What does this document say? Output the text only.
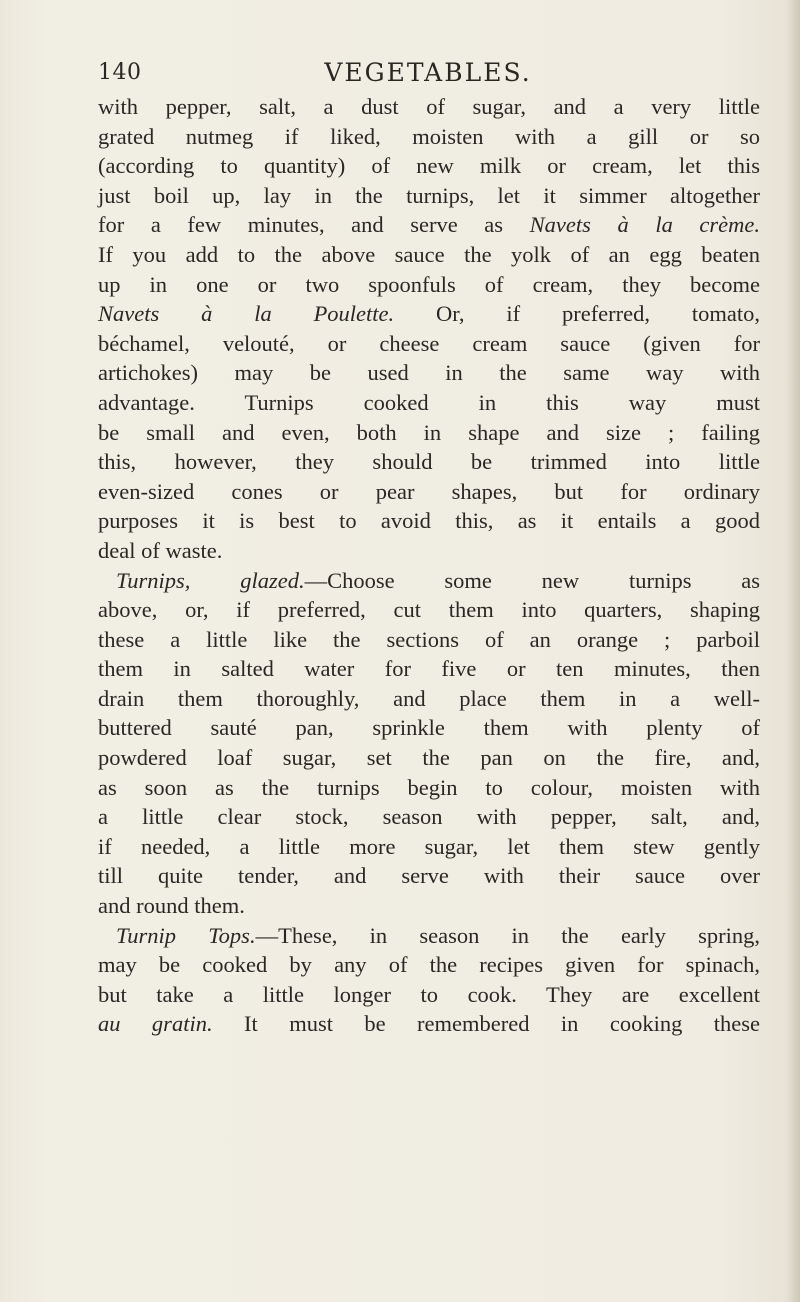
140	VEGETABLES.
with pepper, salt, a dust of sugar, and a very little
grated nutmeg if liked, moisten with a gill or so
(according to quantity) of new milk or cream, let this
just boil up, lay in the turnips, let it simmer altogether
for a few minutes, and serve as Navets à la crème.
If you add to the above sauce the yolk of an egg beaten
up in one or two spoonfuls of cream, they become
Navets à la Poulette. Or, if preferred, tomato,
béchamel, velouté, or cheese cream sauce (given for
artichokes) may be used in the same way with
advantage. Turnips cooked in this way must
be small and even, both in shape and size ; failing
this, however, they should be trimmed into little
even-sized cones or pear shapes, but for ordinary
purposes it is best to avoid this, as it entails a good
deal of waste.
Turnips, glazed.—Choose some new turnips as
above, or, if preferred, cut them into quarters, shaping
these a little like the sections of an orange ; parboil
them in salted water for five or ten minutes, then
drain them thoroughly, and place them in a well-
buttered sauté pan, sprinkle them with plenty of
powdered loaf sugar, set the pan on the fire, and,
as soon as the turnips begin to colour, moisten with
a little clear stock, season with pepper, salt, and,
if needed, a little more sugar, let them stew gently
till quite tender, and serve with their sauce over
and round them.
Turnip Tops.—These, in season in the early spring,
may be cooked by any of the recipes given for spinach,
but take a little longer to cook. They are excellent
au gratin. It must be remembered in cooking these
